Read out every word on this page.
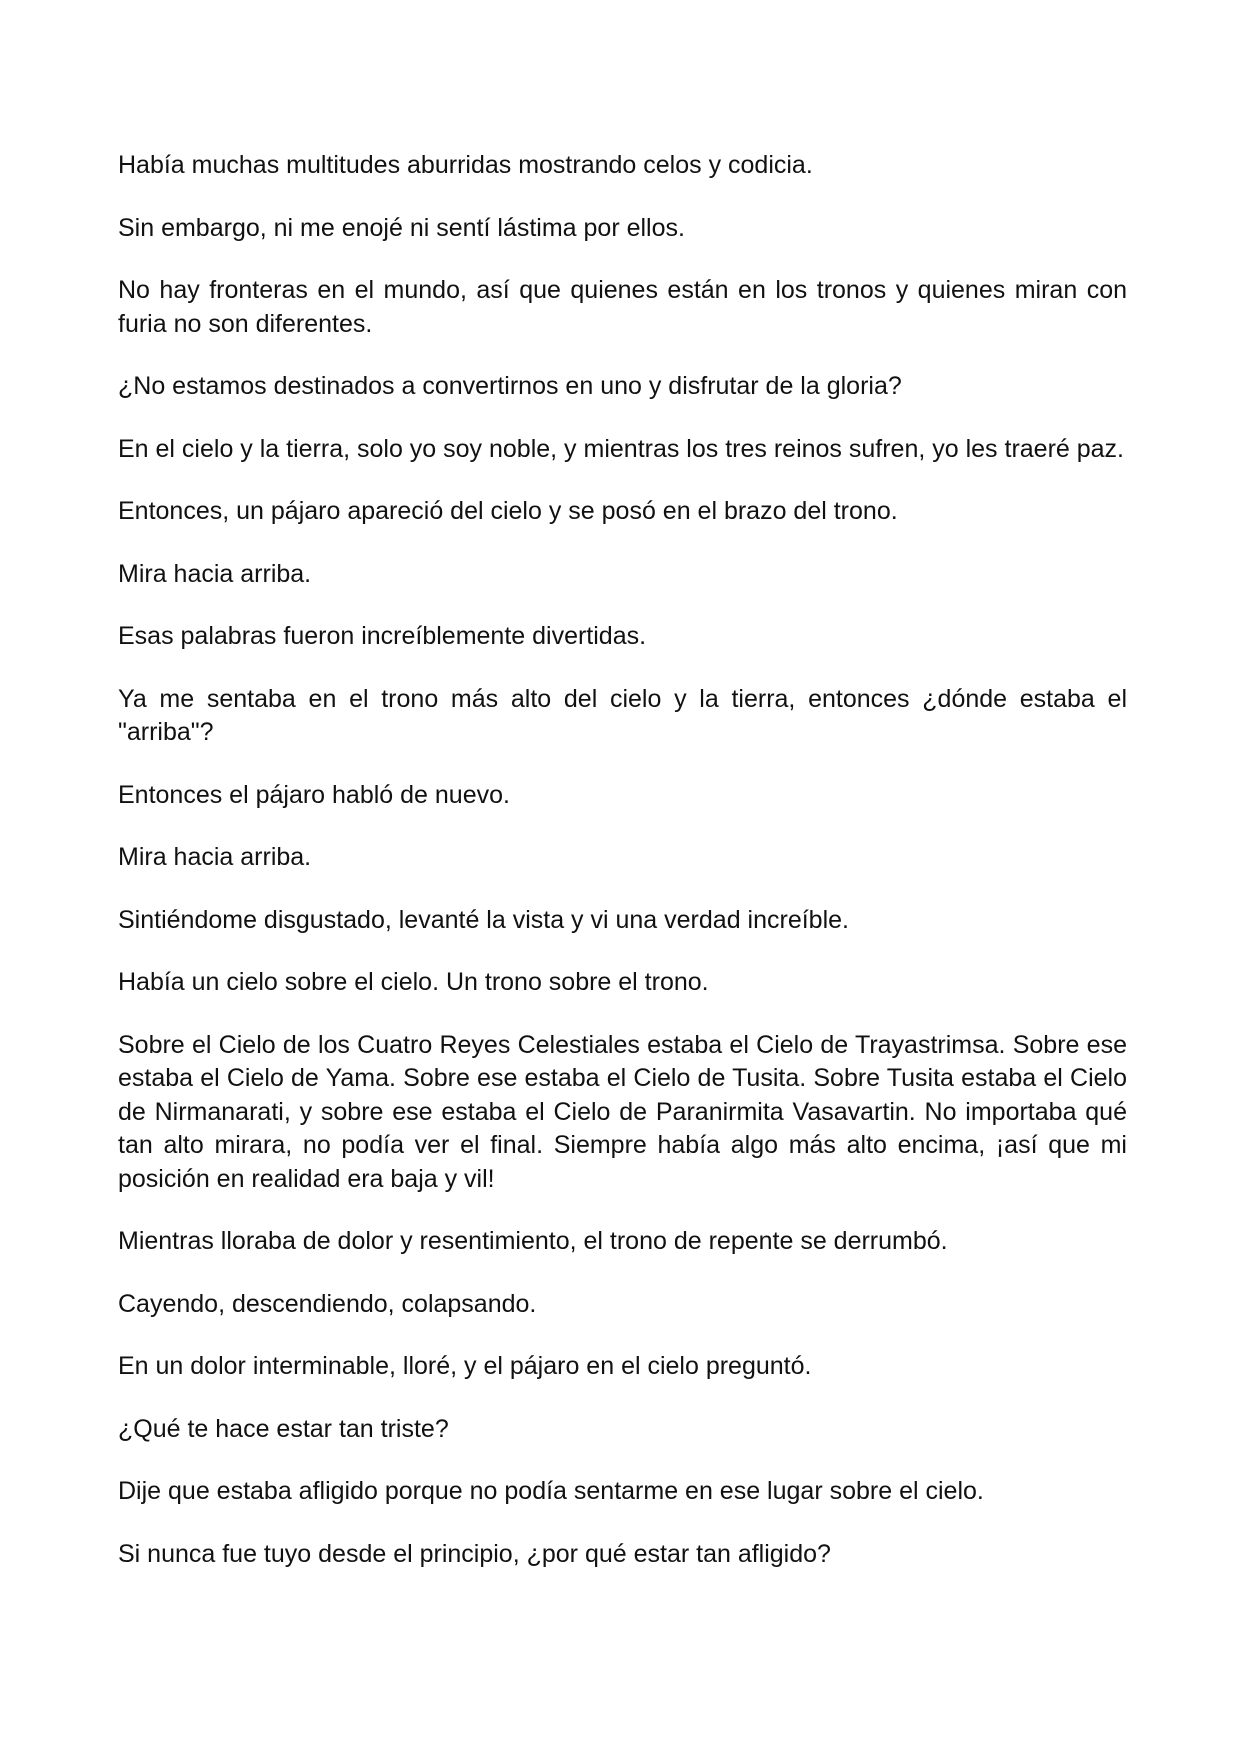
Había muchas multitudes aburridas mostrando celos y codicia.

Sin embargo, ni me enojé ni sentí lástima por ellos.

No hay fronteras en el mundo, así que quienes están en los tronos y quienes miran con furia no son diferentes.

¿No estamos destinados a convertirnos en uno y disfrutar de la gloria?

En el cielo y la tierra, solo yo soy noble, y mientras los tres reinos sufren, yo les traeré paz.

Entonces, un pájaro apareció del cielo y se posó en el brazo del trono.

Mira hacia arriba.

Esas palabras fueron increíblemente divertidas.

Ya me sentaba en el trono más alto del cielo y la tierra, entonces ¿dónde estaba el "arriba"?

Entonces el pájaro habló de nuevo.

Mira hacia arriba.

Sintiéndome disgustado, levanté la vista y vi una verdad increíble.

Había un cielo sobre el cielo. Un trono sobre el trono.

Sobre el Cielo de los Cuatro Reyes Celestiales estaba el Cielo de Trayastrimsa. Sobre ese estaba el Cielo de Yama. Sobre ese estaba el Cielo de Tusita. Sobre Tusita estaba el Cielo de Nirmanarati, y sobre ese estaba el Cielo de Paranirmita Vasavartin. No importaba qué tan alto mirara, no podía ver el final. Siempre había algo más alto encima, ¡así que mi posición en realidad era baja y vil!

Mientras lloraba de dolor y resentimiento, el trono de repente se derrumbó.

Cayendo, descendiendo, colapsando.

En un dolor interminable, lloré, y el pájaro en el cielo preguntó.

¿Qué te hace estar tan triste?

Dije que estaba afligido porque no podía sentarme en ese lugar sobre el cielo.

Si nunca fue tuyo desde el principio, ¿por qué estar tan afligido?
